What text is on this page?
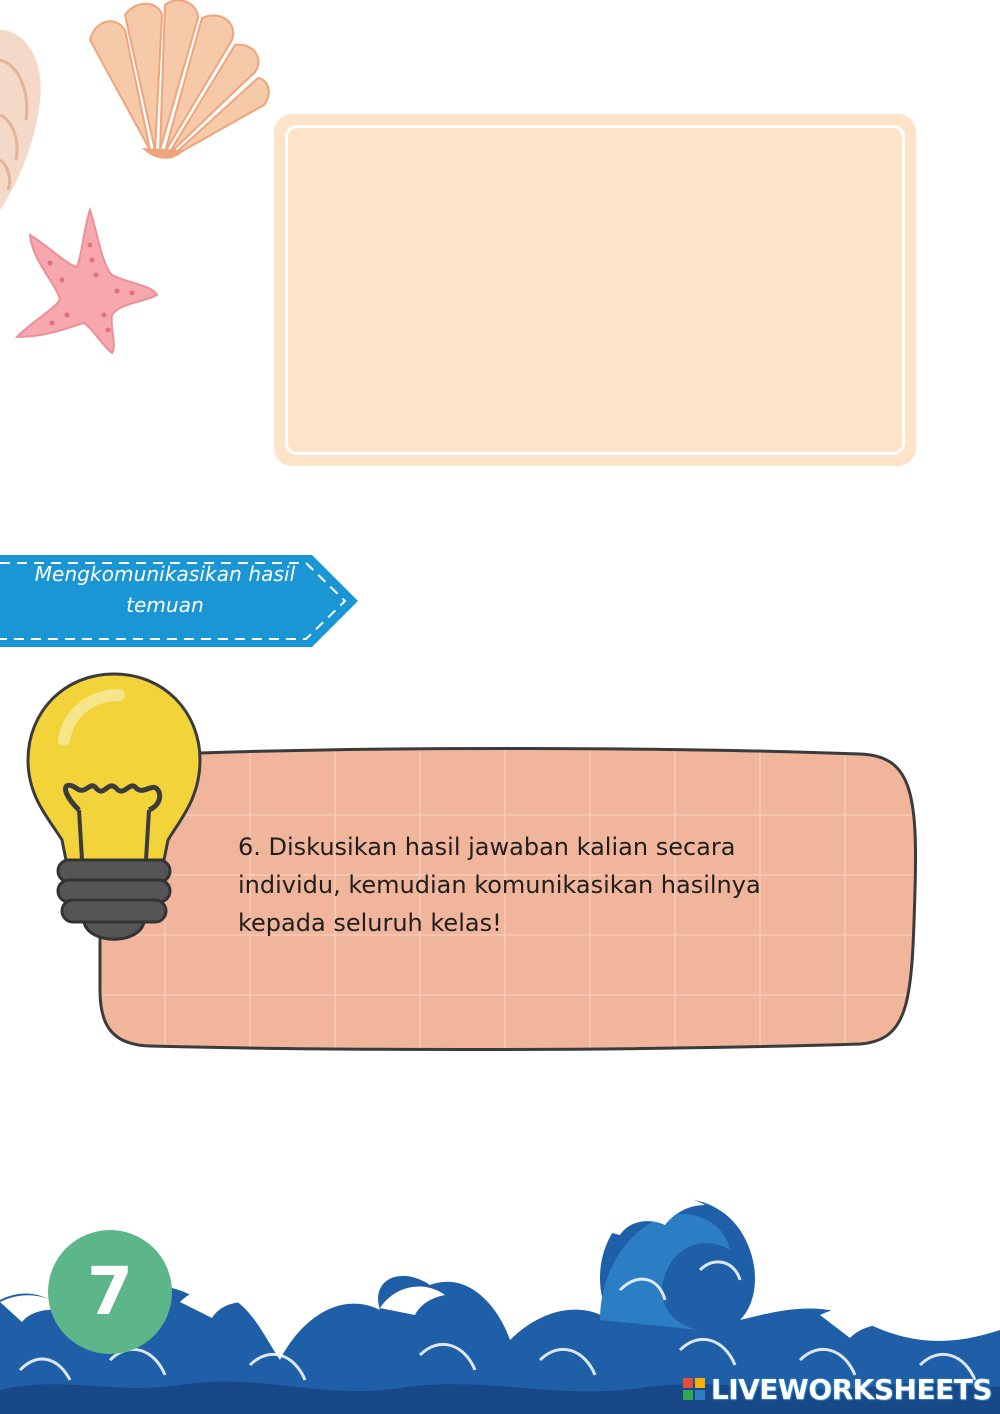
Mengkomunikasikan hasil
temuan
6. Diskusikan hasil jawaban kalian secara individu, kemudian komunikasikan hasilnya kepada seluruh kelas!
7
LIVEWORKSHEETS
